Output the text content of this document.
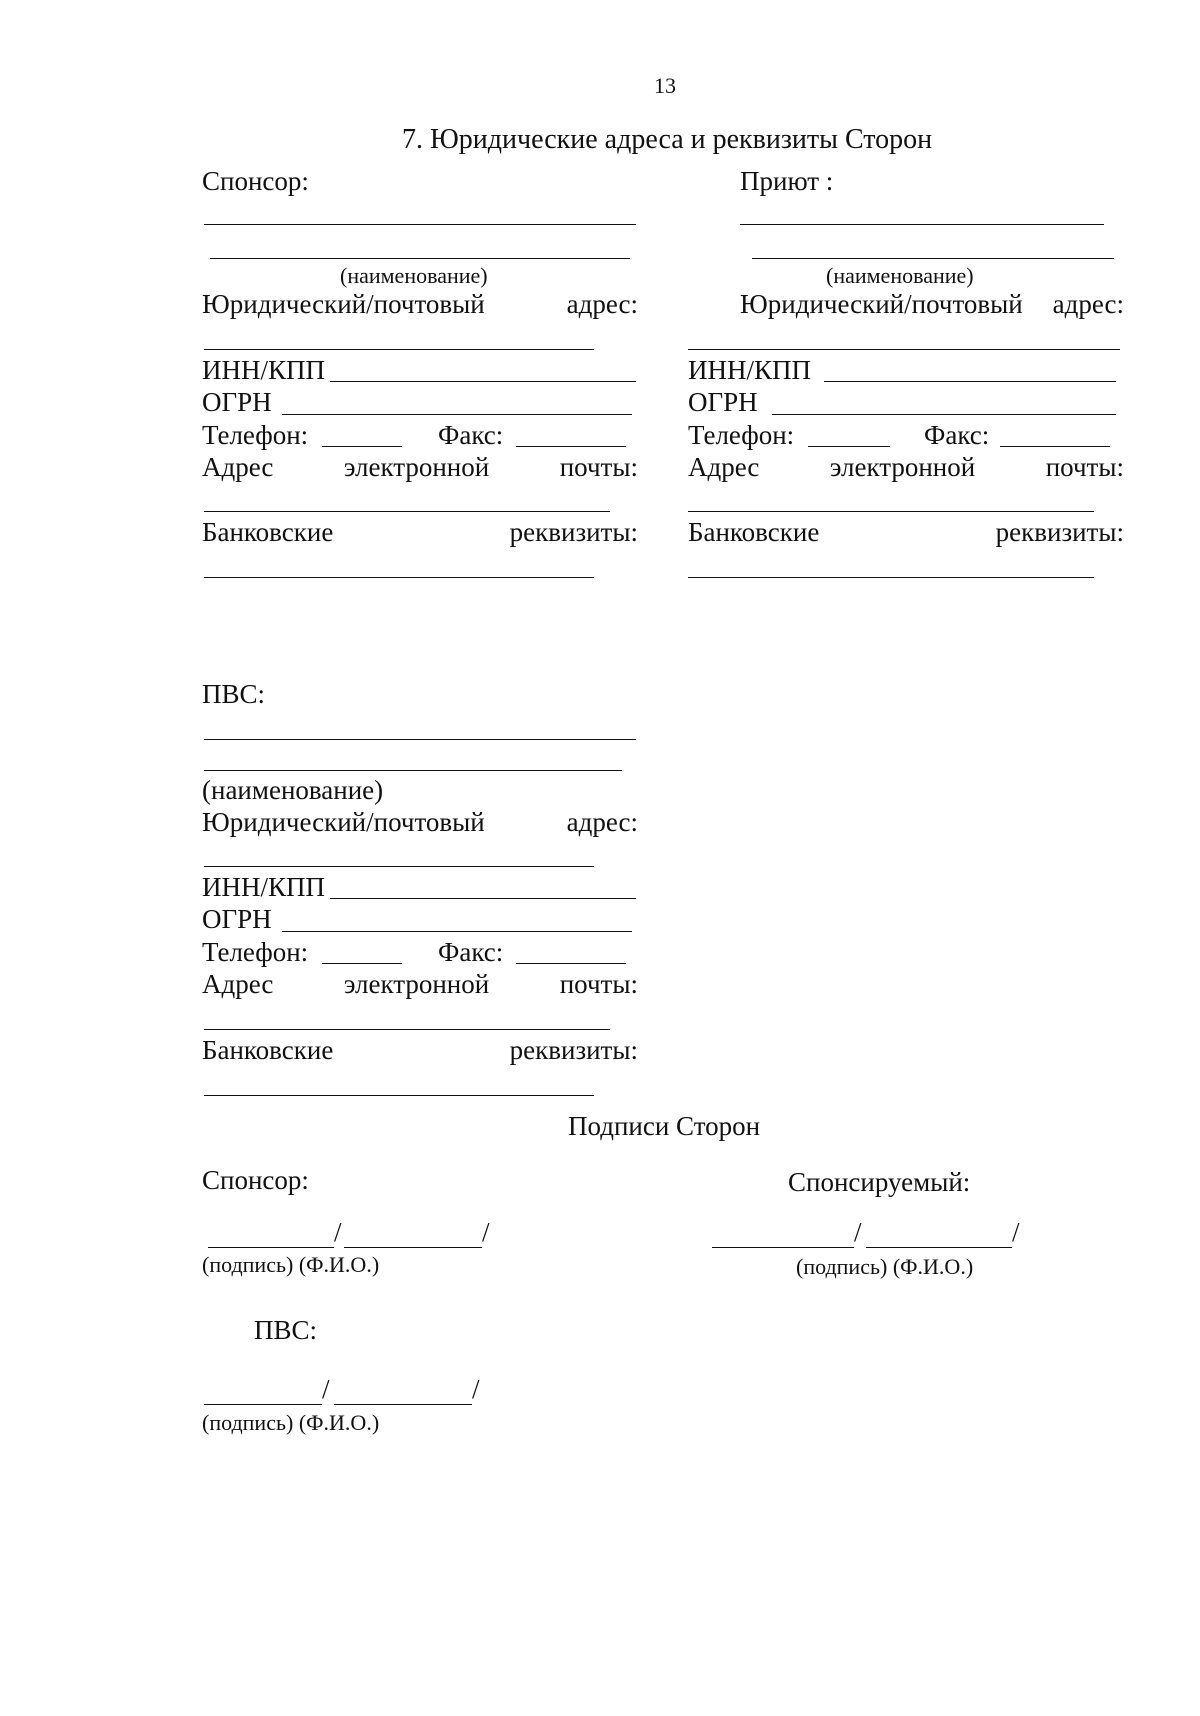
13
7. Юридические адреса и реквизиты Сторон
Спонсор:
(наименование)
Юридический/почтовый	адрес:
ИНН/КПП
ОГРН
Телефон:	Факс:
Адрес	электронной	почты:
Банковские	реквизиты:
Приют :
(наименование)
Юридический/почтовый адрес:
ИНН/КПП
ОГРН
Телефон:	Факс:
Адрес	электронной	почты:
Банковские	реквизиты:
ПВС:
(наименование)
Юридический/почтовый	адрес:
ИНН/КПП
ОГРН
Телефон:	Факс:
Адрес	электронной	почты:
Банковские	реквизиты:
Подписи Сторон
Спонсор:	Спонсируемый:
/	/
(подпись) (Ф.И.О.)
/	/
(подпись) (Ф.И.О.)
ПВС:
/	/
(подпись) (Ф.И.О.)
